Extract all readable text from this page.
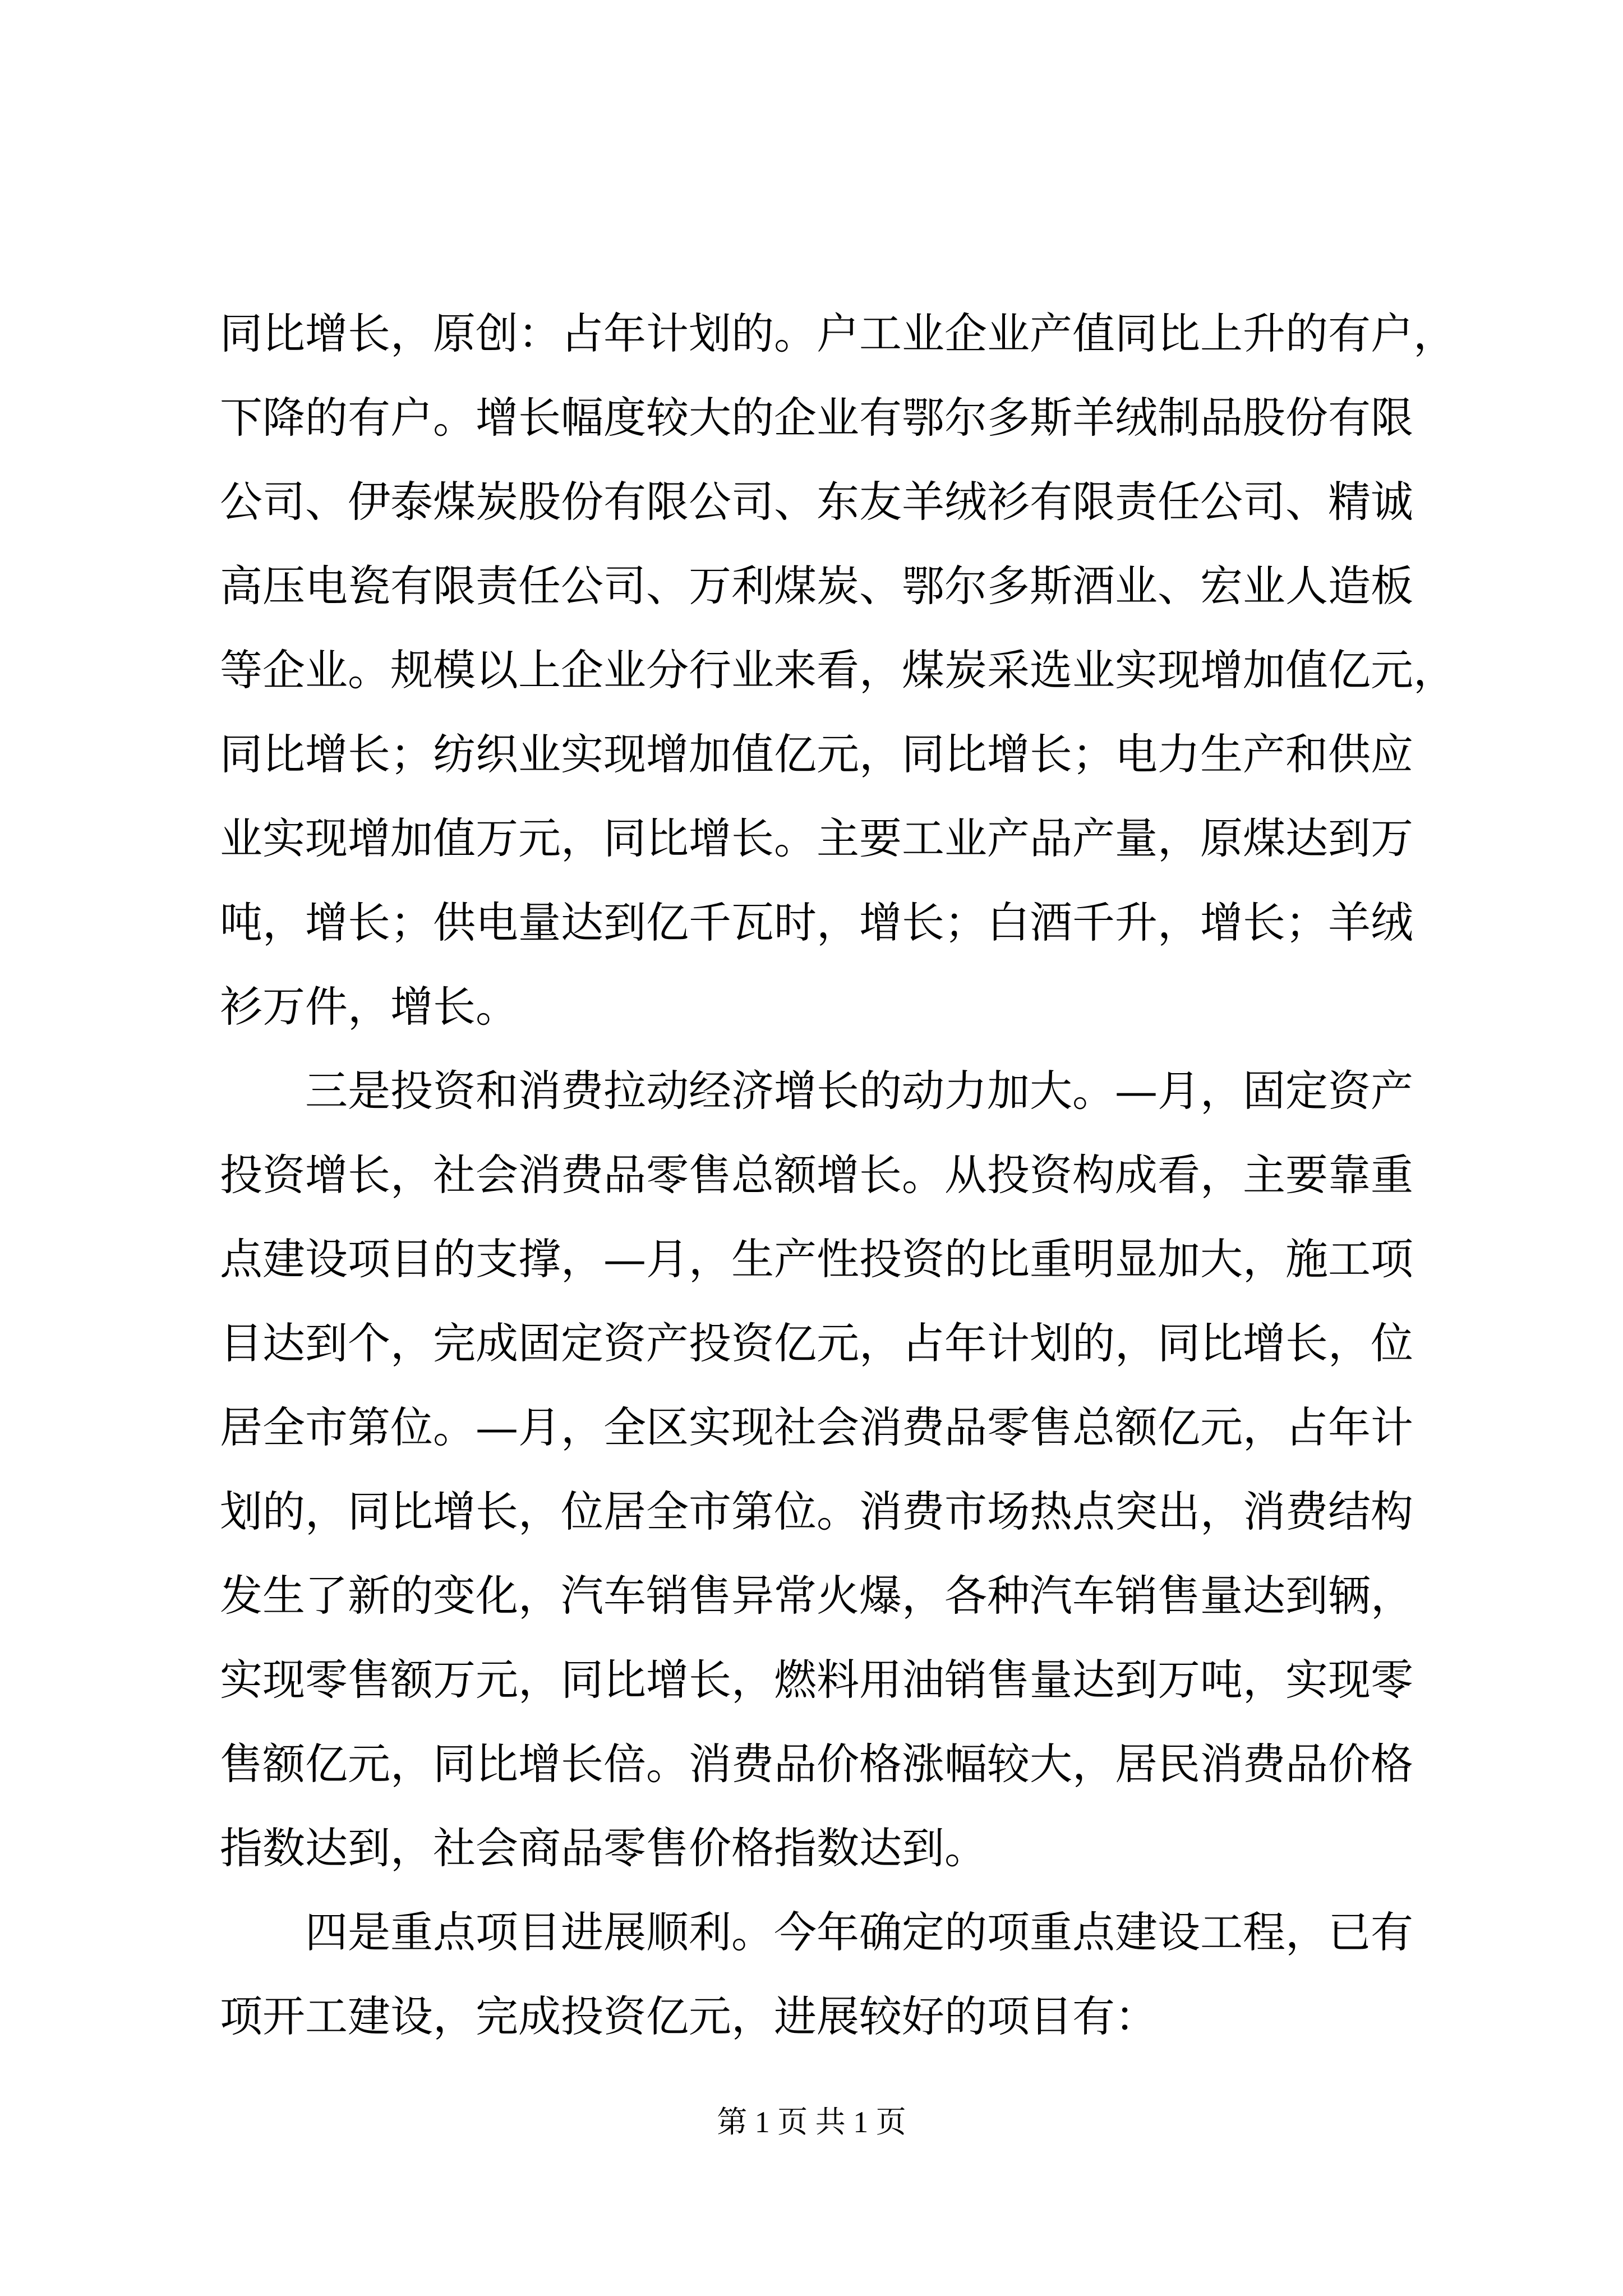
同比增长，原创：占年计划的。户工业企业产值同比上升的有户，
下降的有户。增长幅度较大的企业有鄂尔多斯羊绒制品股份有限
公司、伊泰煤炭股份有限公司、东友羊绒衫有限责任公司、精诚
高压电瓷有限责任公司、万利煤炭、鄂尔多斯酒业、宏业人造板
等企业。规模以上企业分行业来看，煤炭采选业实现增加值亿元，
同比增长；纺织业实现增加值亿元，同比增长；电力生产和供应
业实现增加值万元，同比增长。主要工业产品产量，原煤达到万
吨，增长；供电量达到亿千瓦时，增长；白酒千升，增长；羊绒
衫万件，增长。
三是投资和消费拉动经济增长的动力加大。—月，固定资产
投资增长，社会消费品零售总额增长。从投资构成看，主要靠重
点建设项目的支撑，—月，生产性投资的比重明显加大，施工项
目达到个，完成固定资产投资亿元，占年计划的，同比增长，位
居全市第位。—月，全区实现社会消费品零售总额亿元，占年计
划的，同比增长，位居全市第位。消费市场热点突出，消费结构
发生了新的变化，汽车销售异常火爆，各种汽车销售量达到辆，
实现零售额万元，同比增长，燃料用油销售量达到万吨，实现零
售额亿元，同比增长倍。消费品价格涨幅较大，居民消费品价格
指数达到，社会商品零售价格指数达到。
四是重点项目进展顺利。今年确定的项重点建设工程，已有
项开工建设，完成投资亿元，进展较好的项目有：
第 1 页 共 1 页
